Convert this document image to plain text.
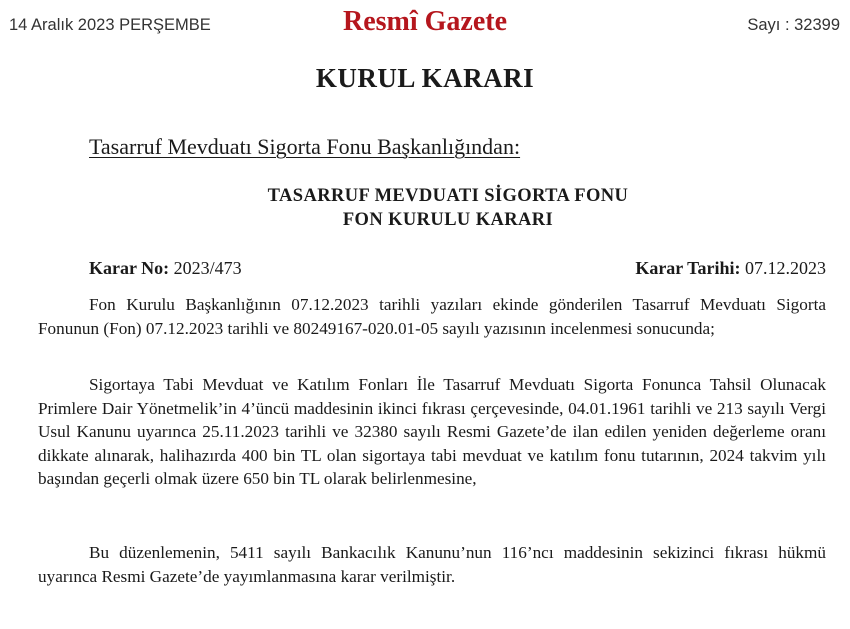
14 Aralık 2023 PERŞEMBE	Resmî Gazete	Sayı : 32399
KURUL KARARI
Tasarruf Mevduatı Sigorta Fonu Başkanlığından:
TASARRUF MEVDUATI SİGORTA FONU
FON KURULU KARARI
Karar No: 2023/473	Karar Tarihi: 07.12.2023

Fon Kurulu Başkanlığının 07.12.2023 tarihli yazıları ekinde gönderilen Tasarruf Mevduatı Sigorta Fonunun (Fon) 07.12.2023 tarihli ve 80249167-020.01-05 sayılı yazısının incelenmesi sonucunda;

Sigortaya Tabi Mevduat ve Katılım Fonları İle Tasarruf Mevduatı Sigorta Fonunca Tahsil Olunacak Primlere Dair Yönetmelik’in 4’üncü maddesinin ikinci fıkrası çerçevesinde, 04.01.1961 tarihli ve 213 sayılı Vergi Usul Kanunu uyarınca 25.11.2023 tarihli ve 32380 sayılı Resmi Gazete’de ilan edilen yeniden değerleme oranı dikkate alınarak, halihazırda 400 bin TL olan sigortaya tabi mevduat ve katılım fonu tutarının, 2024 takvim yılı başından geçerli olmak üzere 650 bin TL olarak belirlenmesine,

Bu düzenlemenin, 5411 sayılı Bankacılık Kanunu’nun 116’ncı maddesinin sekizinci fıkrası hükmü uyarınca Resmi Gazete’de yayımlanmasına karar verilmiştir.
